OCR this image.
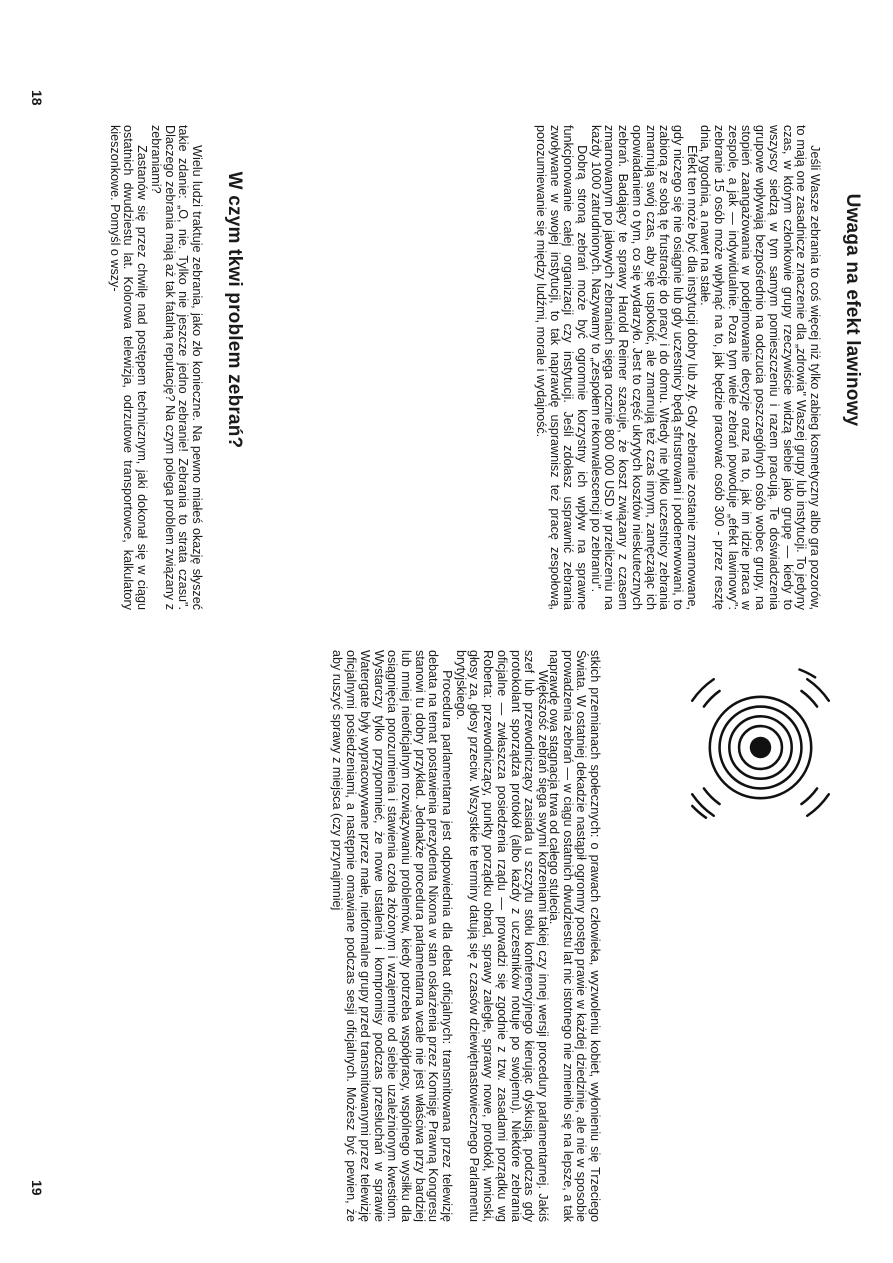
Uwaga na efekt lawinowy

Jeśli Wasze zebrania to coś więcej niż tylko zabieg kosmetyczny albo gra pozorów, to mają one zasadnicze znaczenie dla „zdrowia" Waszej grupy lub instytucji. To jedyny czas, w którym członkowie grupy rzeczywiście widzą siebie jako grupę — kiedy to wszyscy siedzą w tym samym pomieszczeniu i razem pracują. Te doświadczenia grupowe wpływają bezpośrednio na odczucia poszczególnych osób wobec grupy, na stopień zaangażowania w podejmowanie decyzje oraz na to, jak im idzie praca w zespole, a jak — indywidualnie. Poza tym wiele zebrań powoduje „efekt lawinowy": zebranie 15 osób może wpłynąć na to, jak będzie pracować osób 300 - przez resztę dnia, tygodnia, a nawet na stałe.

Efekt ten może być dla instytucji dobry lub zły. Gdy zebranie zostanie zmarnowane, gdy niczego się nie osiągnie lub gdy uczestnicy będą sfrustrowani i podenerwowani, to zabiorą ze sobą tę frustrację do pracy i do domu. Wtedy nie tylko uczestnicy zebrania zmarnują swój czas, aby się uspokoić, ale zmarnują też czas innym, zamęczając ich opowiadaniem o tym, co się wydarzyło. Jest to część ukrytych kosztów nieskutecznych zebrań. Badający te sprawy Harold Reimer szacuje, że koszt związany z czasem zmarnowanym po jałowych zebraniach sięga rocznie 800 000 USD w przeliczeniu na każdy 1000 zatrudnionych. Nazywamy to „zespołem rekonwalescencji po zebraniu".

Dobrą stroną zebrań może być ogromnie korzystny ich wpływ na sprawne funkcjonowanie całej organizacji czy instytucji. Jeśli zdołasz usprawnić zebrania zwoływane w swojej instytucji, to tak naprawdę usprawnisz też pracę zespołową, porozumiewanie się między ludźmi, morale i wydajność.

W czym tkwi problem zebrań?

Wielu ludzi traktuje zebrania, jako zło konieczne. Na pewno miałeś okazję słyszeć takie zdanie: „O, nie. Tylko nie jeszcze jedno zebranie! Zebrania to strata czasu". Dlaczego zebrania mają aż tak fatalną reputację? Na czym polega problem związany z zebraniami?

Zastanów się przez chwilę nad postępem technicznym, jaki dokonał się w ciągu ostatnich dwudziestu lat. Kolorowa telewizja, odrzutowe transportowce, kalkulatory kieszonkowe. Pomyśl o wszy-

18

stkich przemianach społecznych: o prawach człowieka, wyzwoleniu kobiet, wyłonieniu się Trzeciego Świata. W ostatniej dekadzie nastąpił ogromny postęp prawie w każdej dziedzinie, ale nie w sposobie prowadzenia zebrań — w ciągu ostatnich dwudziestu lat nic istotnego nie zmieniło się na lepsze, a tak naprawdę owa stagnacja trwa od całego stulecia.

Większość zebrań sięga swymi korzeniami takiej czy innej wersji procedury parlamentarnej. Jakiś szef lub przewodniczący zasiada u szczytu stołu konferencyjnego kierując dyskusją, podczas gdy protokolant sporządza protokół (albo każdy z uczestników notuje po swojemu). Niektóre zebrania oficjalne — zwłaszcza posiedzenia rządu — prowadzi się zgodnie z tzw. zasadami porządku wg Roberta: przewodniczący, punkty porządku obrad, sprawy zaległe, sprawy nowe, protokół, wnioski, głosy za, głosy przeciw. Wszystkie te terminy datują się z czasów dziewiętnastowiecznego Parlamentu brytyjskiego.

Procedura parlamentarna jest odpowiednia dla debat oficjalnych: transmitowana przez telewizję debata na temat postawienia prezydenta Nixona w stan oskarżenia przez Komisję Prawną Kongresu stanowi tu dobry przykład. Jednakże procedura parlamentarna wcale nie jest właściwa przy bardziej lub mniej nieoficjalnym rozwiązywaniu problemów, kiedy potrzeba współpracy, wspólnego wysiłku dla osiągnięcia porozumienia i stawienia czoła złożonym i wzajemnie od siebie uzależnionym kwestiom. Wystarczy tylko przypomnieć, że nowe ustalenia i kompromisy podczas przesłuchań w sprawie Watergate były wypracowywane przez małe, nieformalne grupy przed transmitowanymi przez telewizję oficjalnymi posiedzeniami, a następnie omawiane podczas sesji oficjalnych. Możesz być pewien, że aby ruszyć sprawy z miejsca (czy przynajmniej

19
